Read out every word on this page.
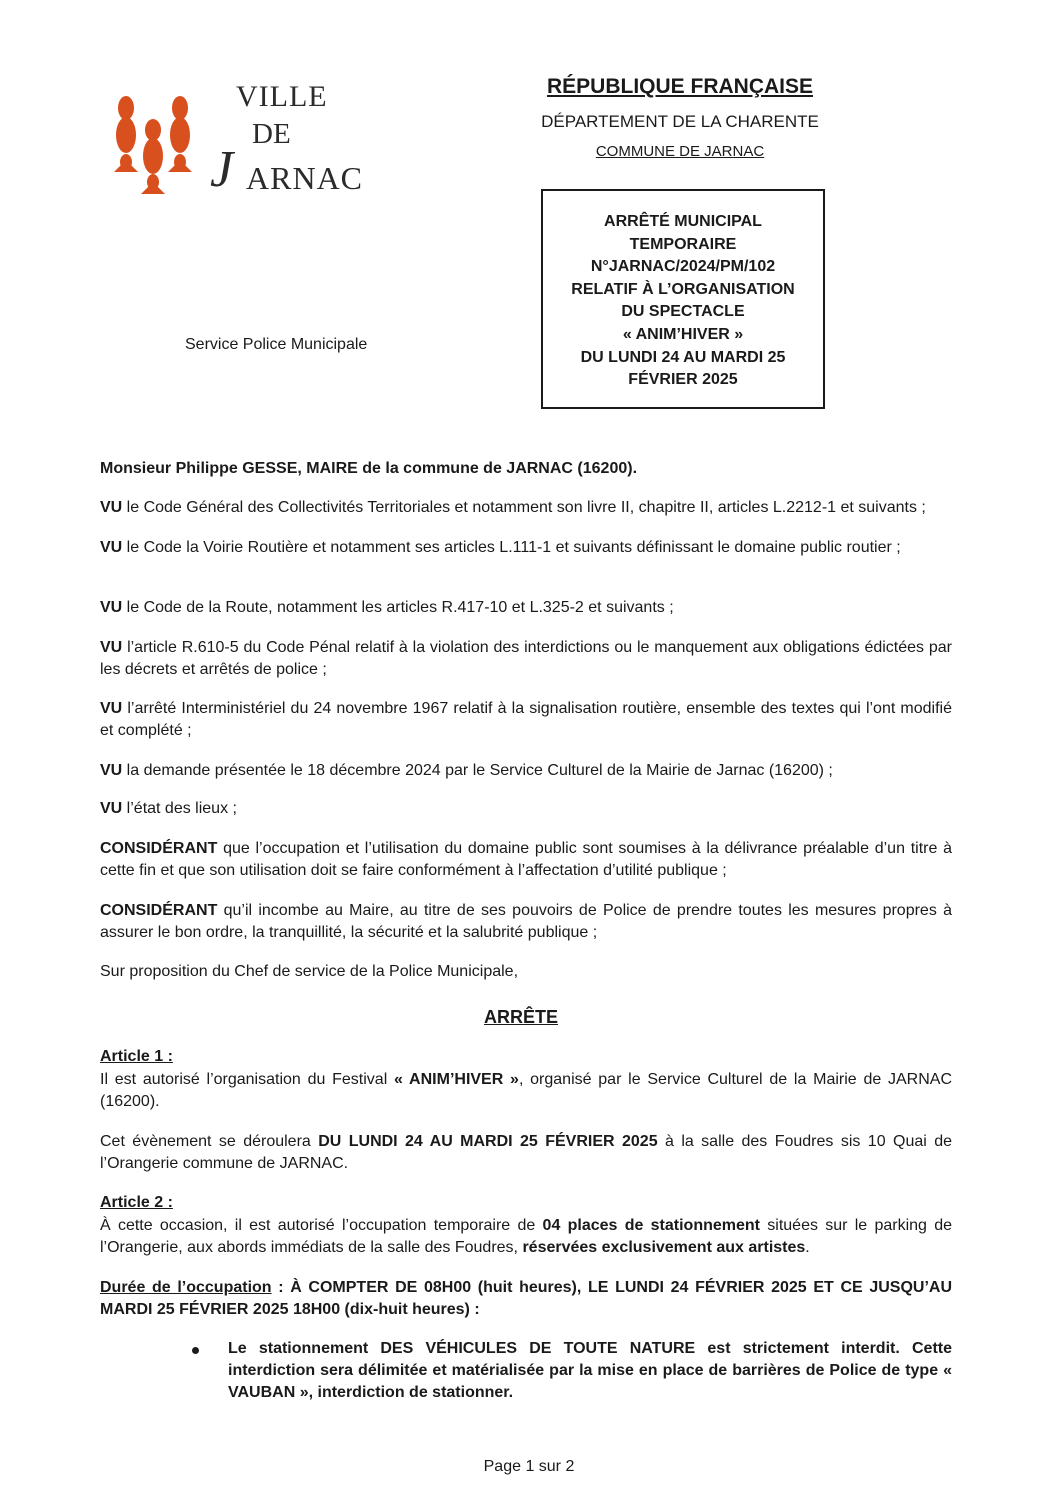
VILLE
DE
J ARNAC
RÉPUBLIQUE FRANÇAISE
DÉPARTEMENT DE LA CHARENTE
COMMUNE DE JARNAC
ARRÊTÉ MUNICIPAL
TEMPORAIRE
N°JARNAC/2024/PM/102
RELATIF À L’ORGANISATION
DU SPECTACLE
« ANIM’HIVER »
DU LUNDI 24 AU MARDI 25
FÉVRIER 2025
Service Police Municipale
Monsieur Philippe GESSE, MAIRE de la commune de JARNAC (16200).
VU le Code Général des Collectivités Territoriales et notamment son livre II, chapitre II, articles L.2212-1 et suivants ;
VU le Code la Voirie Routière et notamment ses articles L.111-1 et suivants définissant le domaine public routier ;
VU le Code de la Route, notamment les articles R.417-10 et L.325-2 et suivants ;
VU l’article R.610-5 du Code Pénal relatif à la violation des interdictions ou le manquement aux obligations édictées par les décrets et arrêtés de police ;
VU l’arrêté Interministériel du 24 novembre 1967 relatif à la signalisation routière, ensemble des textes qui l’ont modifié et complété ;
VU la demande présentée le 18 décembre 2024 par le Service Culturel de la Mairie de Jarnac (16200) ;
VU l’état des lieux ;
CONSIDÉRANT que l’occupation et l’utilisation du domaine public sont soumises à la délivrance préalable d’un titre à cette fin et que son utilisation doit se faire conformément à l’affectation d’utilité publique ;
CONSIDÉRANT qu’il incombe au Maire, au titre de ses pouvoirs de Police de prendre toutes les mesures propres à assurer le bon ordre, la tranquillité, la sécurité et la salubrité publique ;
Sur proposition du Chef de service de la Police Municipale,
ARRÊTE
Article 1 :
Il est autorisé l’organisation du Festival « ANIM’HIVER », organisé par le Service Culturel de la Mairie de JARNAC (16200).
Cet évènement se déroulera DU LUNDI 24 AU MARDI 25 FÉVRIER 2025 à la salle des Foudres sis 10 Quai de l’Orangerie commune de JARNAC.
Article 2 :
À cette occasion, il est autorisé l’occupation temporaire de 04 places de stationnement situées sur le parking de l’Orangerie, aux abords immédiats de la salle des Foudres, réservées exclusivement aux artistes.
Durée de l’occupation : À COMPTER DE 08H00 (huit heures), LE LUNDI 24 FÉVRIER 2025 ET CE JUSQU’AU MARDI 25 FÉVRIER 2025 18H00 (dix-huit heures) :
Le stationnement DES VÉHICULES DE TOUTE NATURE est strictement interdit. Cette interdiction sera délimitée et matérialisée par la mise en place de barrières de Police de type « VAUBAN », interdiction de stationner.
Page 1 sur 2
